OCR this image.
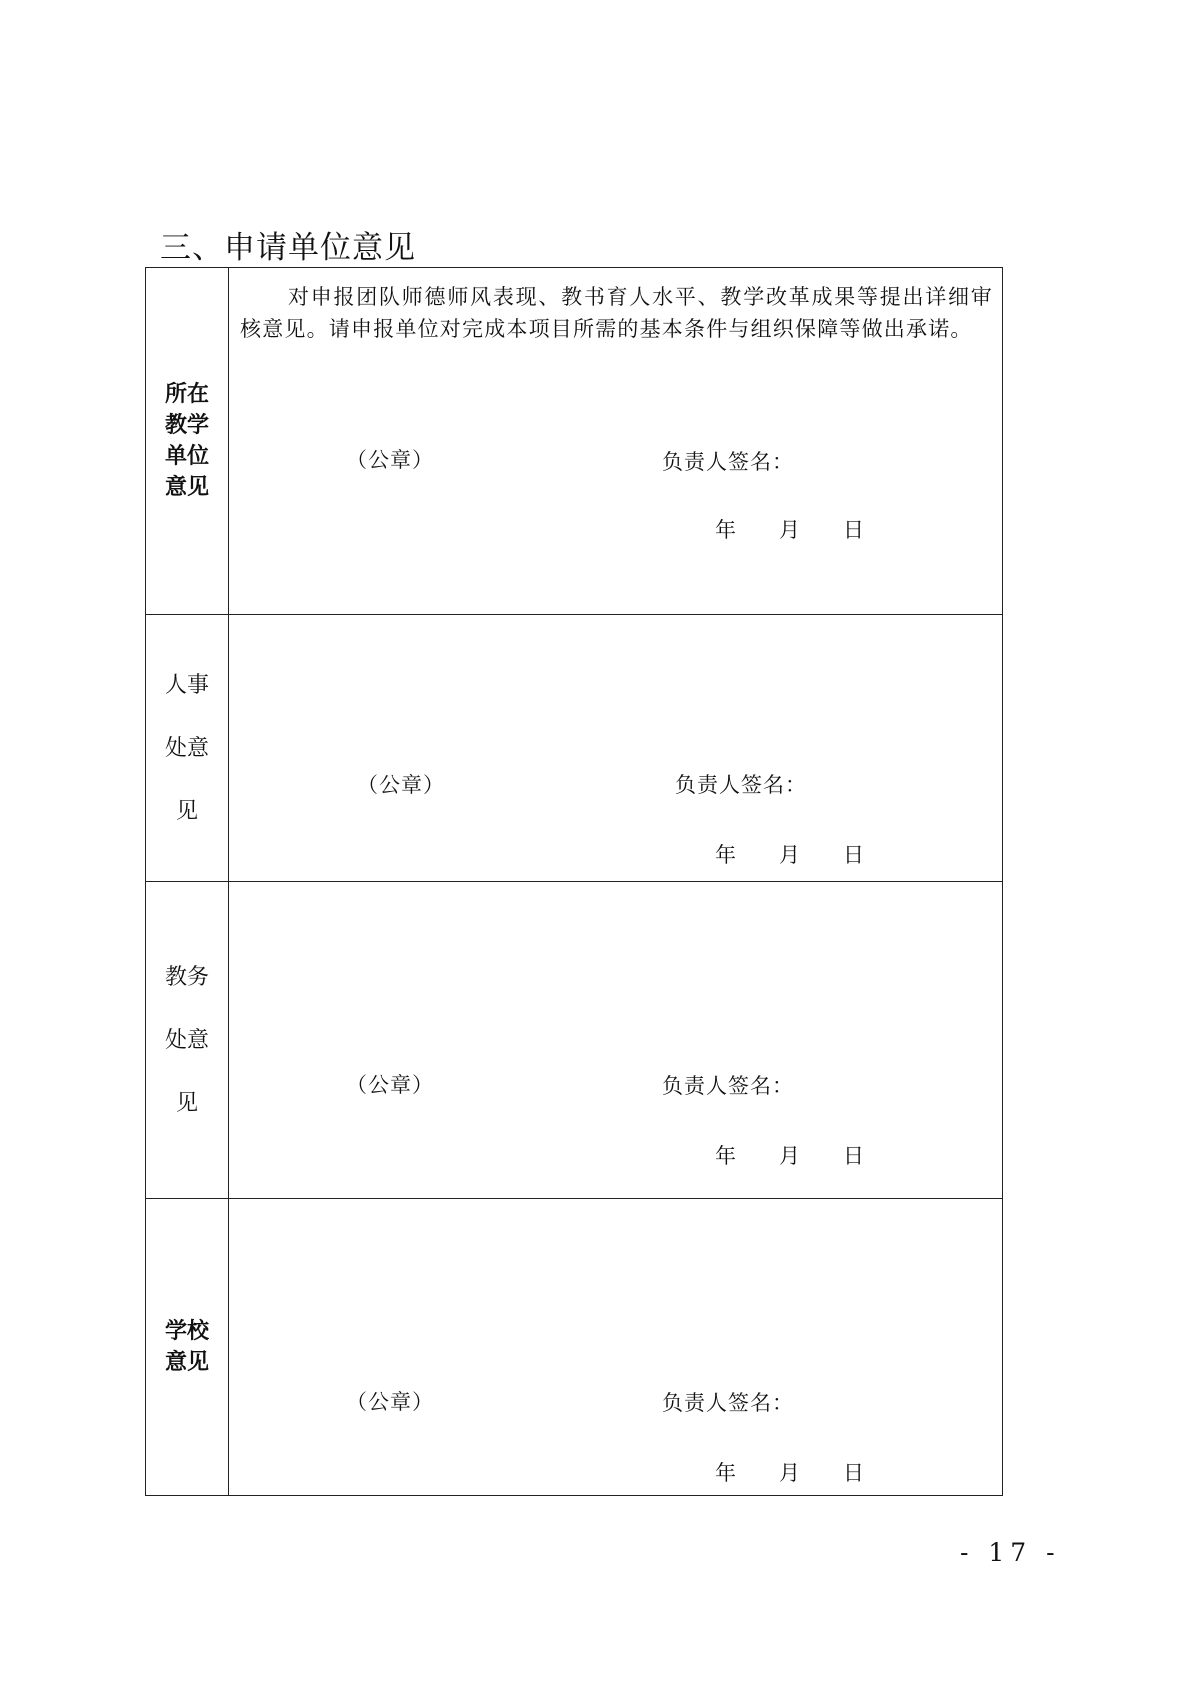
三、申请单位意见
所在教学单位意见	对申报团队师德师风表现、教书育人水平、教学改革成果等提出详细审核意见。请申报单位对完成本项目所需的基本条件与组织保障等做出承诺。

（公章） 负责人签名：
年 月 日

人事处意见	（公章） 负责人签名：
年 月 日

教务处意见	（公章） 负责人签名：
年 月 日

学校意见	（公章） 负责人签名：
年 月 日
- 17 -
